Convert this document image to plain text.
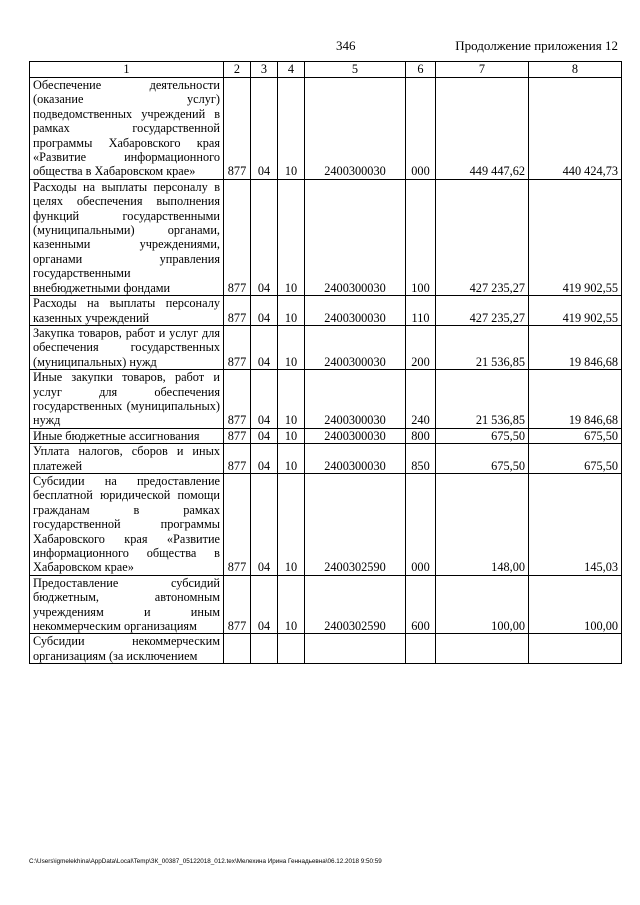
346	Продолжение приложения 12
1	2	3	4	5	6	7	8
Обеспечение деятельности (оказание услуг) подведомственных учреждений в рамках государственной программы Хабаровского края «Развитие информационного общества в Хабаровском крае»	877	04	10	2400300030	000	449 447,62	440 424,73
Расходы на выплаты персоналу в целях обеспечения выполнения функций государственными (муниципальными) органами, казенными учреждениями, органами управления государственными внебюджетными фондами	877	04	10	2400300030	100	427 235,27	419 902,55
Расходы на выплаты персоналу казенных учреждений	877	04	10	2400300030	110	427 235,27	419 902,55
Закупка товаров, работ и услуг для обеспечения государственных (муниципальных) нужд	877	04	10	2400300030	200	21 536,85	19 846,68
Иные закупки товаров, работ и услуг для обеспечения государственных (муниципальных) нужд	877	04	10	2400300030	240	21 536,85	19 846,68
Иные бюджетные ассигнования	877	04	10	2400300030	800	675,50	675,50
Уплата налогов, сборов и иных платежей	877	04	10	2400300030	850	675,50	675,50
Субсидии на предоставление бесплатной юридической помощи гражданам в рамках государственной программы Хабаровского края «Развитие информационного общества в Хабаровском крае»	877	04	10	2400302590	000	148,00	145,03
Предоставление субсидий бюджетным, автономным учреждениям и иным некоммерческим организациям	877	04	10	2400302590	600	100,00	100,00
Субсидии некоммерческим организациям (за исключением							
C:\Users\igmelekhina\AppData\Local\Temp\ЗК_00387_05122018_012.tex\Мелехина Ирина Геннадьевна\06.12.2018 9:50:59
